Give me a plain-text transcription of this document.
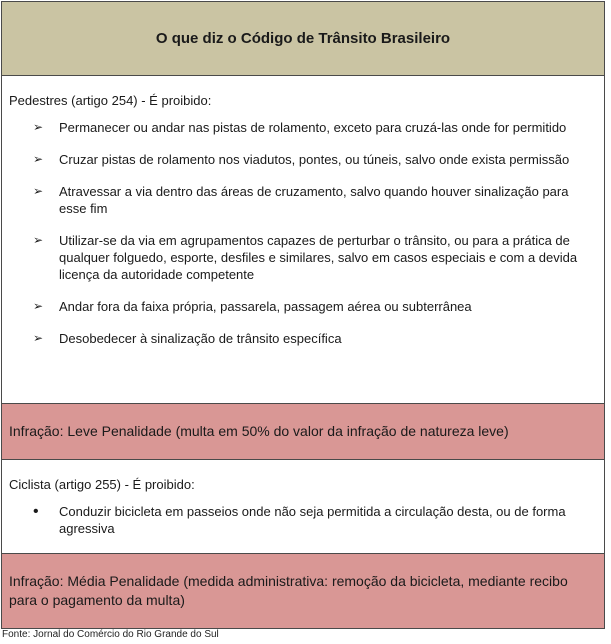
O que diz o Código de Trânsito Brasileiro

Pedestres (artigo 254) - É proibido:

➢	Permanecer ou andar nas pistas de rolamento, exceto para cruzá-las onde for permitido
➢	Cruzar pistas de rolamento nos viadutos, pontes, ou túneis, salvo onde exista permissão
➢	Atravessar a via dentro das áreas de cruzamento, salvo quando houver sinalização para esse fim
➢	Utilizar-se da via em agrupamentos capazes de perturbar o trânsito, ou para a prática de qualquer folguedo, esporte, desfiles e similares, salvo em casos especiais e com a devida licença da autoridade competente
➢	Andar fora da faixa própria, passarela, passagem aérea ou subterrânea
➢	Desobedecer à sinalização de trânsito específica
Infração: Leve Penalidade (multa em 50% do valor da infração de natureza leve)

Ciclista (artigo 255) - É proibido:

•	Conduzir bicicleta em passeios onde não seja permitida a circulação desta, ou de forma agressiva
Infração: Média Penalidade (medida administrativa: remoção da bicicleta, mediante recibo para o pagamento da multa)
Fonte: Jornal do Comércio do Rio Grande do Sul
